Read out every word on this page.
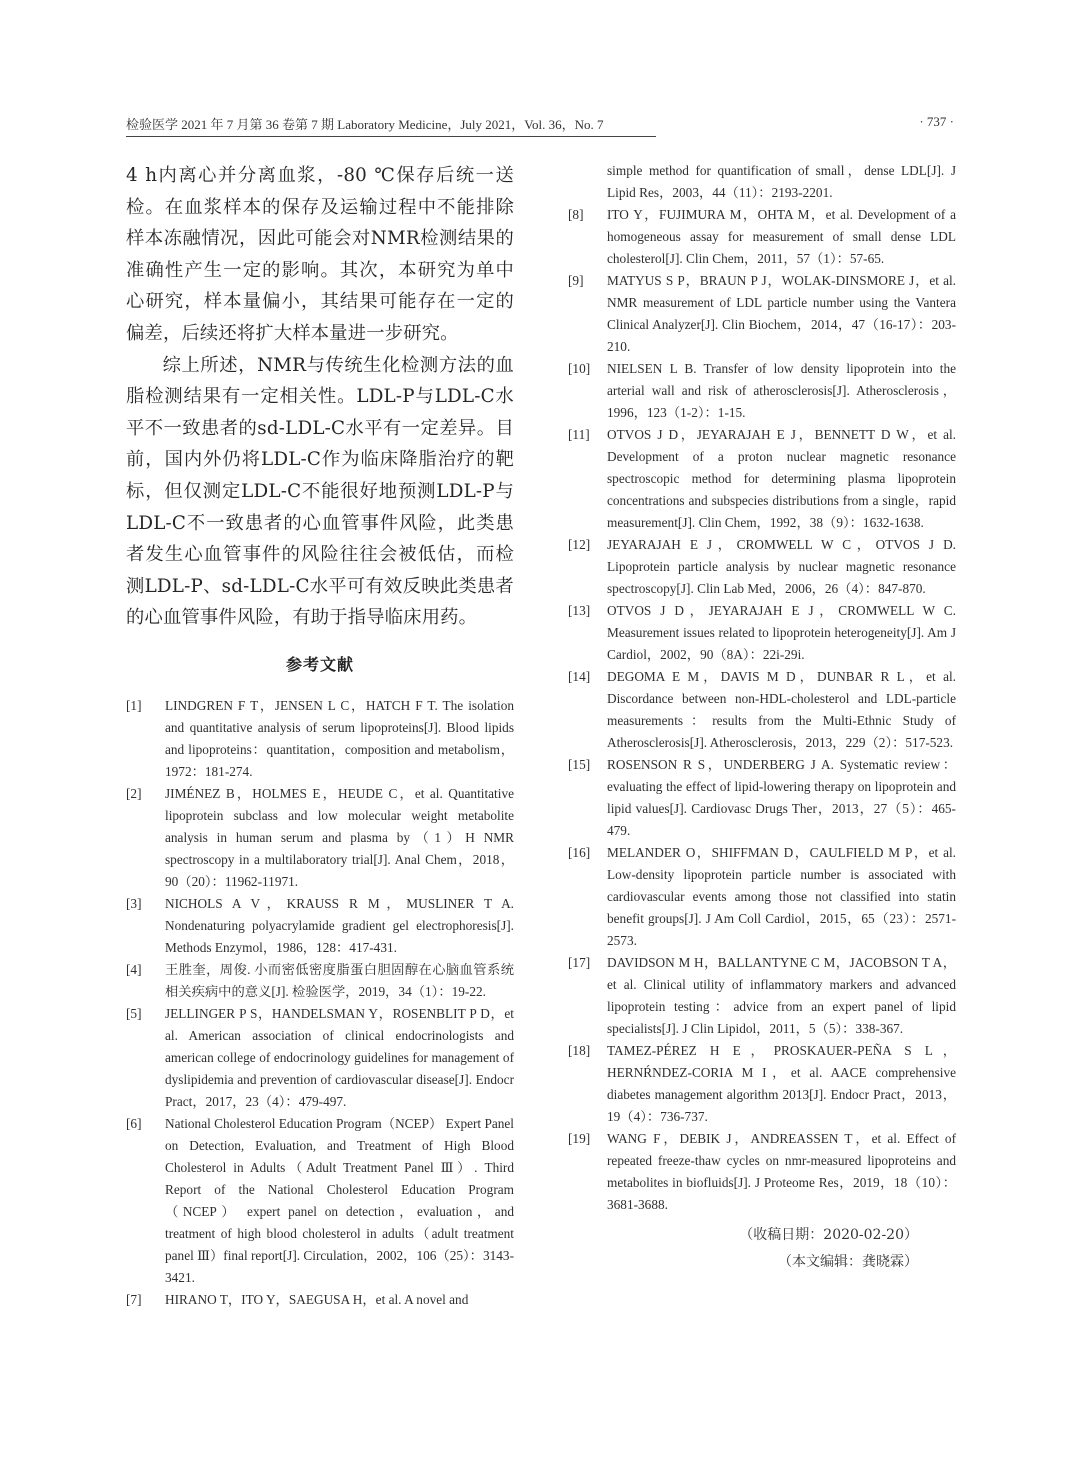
检验医学 2021 年 7 月第 36 卷第 7 期 Laboratory Medicine，July 2021，Vol. 36，No. 7	· 737 ·

4 h内离心并分离血浆，-80 ℃保存后统一送检。在血浆样本的保存及运输过程中不能排除样本冻融情况，因此可能会对NMR检测结果的准确性产生一定的影响。其次，本研究为单中心研究，样本量偏小，其结果可能存在一定的偏差，后续还将扩大样本量进一步研究。

综上所述，NMR与传统生化检测方法的血脂检测结果有一定相关性。LDL-P与LDL-C水平不一致患者的sd-LDL-C水平有一定差异。目前，国内外仍将LDL-C作为临床降脂治疗的靶标，但仅测定LDL-C不能很好地预测LDL-P与LDL-C不一致患者的心血管事件风险，此类患者发生心血管事件的风险往往会被低估，而检测LDL-P、sd-LDL-C水平可有效反映此类患者的心血管事件风险，有助于指导临床用药。

参考文献
[1]	LINDGREN F T，JENSEN L C，HATCH F T. The isolation and quantitative analysis of serum lipoproteins[J]. Blood lipids and lipoproteins：quantitation，composition and metabolism，1972：181-274.
[2]	JIMÉNEZ B，HOLMES E，HEUDE C，et al. Quantitative lipoprotein subclass and low molecular weight metabolite analysis in human serum and plasma by（1）H NMR spectroscopy in a multilaboratory trial[J]. Anal Chem，2018，90（20）：11962-11971.
[3]	NICHOLS A V，KRAUSS R M，MUSLINER T A. Nondenaturing polyacrylamide gradient gel electrophoresis[J]. Methods Enzymol，1986，128：417-431.
[4]	王胜奎，周俊. 小而密低密度脂蛋白胆固醇在心脑血管系统相关疾病中的意义[J]. 检验医学，2019，34（1）：19-22.
[5]	JELLINGER P S，HANDELSMAN Y，ROSENBLIT P D，et al. American association of clinical endocrinologists and american college of endocrinology guidelines for management of dyslipidemia and prevention of cardiovascular disease[J]. Endocr Pract，2017，23（4）：479-497.
[6]	National Cholesterol Education Program（NCEP） Expert Panel on Detection, Evaluation, and Treatment of High Blood Cholesterol in Adults（Adult Treatment Panel Ⅲ）. Third Report of the National Cholesterol Education Program（NCEP） expert panel on detection，evaluation，and treatment of high blood cholesterol in adults（adult treatment panel Ⅲ）final report[J]. Circulation，2002，106（25）：3143-3421.
[7]	HIRANO T，ITO Y，SAEGUSA H，et al. A novel and

simple method for quantification of small，dense LDL[J]. J Lipid Res，2003，44（11）：2193-2201.

[8]	ITO Y，FUJIMURA M，OHTA M，et al. Development of a homogeneous assay for measurement of small dense LDL cholesterol[J]. Clin Chem，2011，57（1）：57-65.
[9]	MATYUS S P，BRAUN P J，WOLAK-DINSMORE J，et al. NMR measurement of LDL particle number using the Vantera Clinical Analyzer[J]. Clin Biochem，2014，47（16-17）：203-210.
[10]	NIELSEN L B. Transfer of low density lipoprotein into the arterial wall and risk of atherosclerosis[J]. Atherosclerosis，1996，123（1-2）：1-15.
[11]	OTVOS J D，JEYARAJAH E J，BENNETT D W，et al. Development of a proton nuclear magnetic resonance spectroscopic method for determining plasma lipoprotein concentrations and subspecies distributions from a single，rapid measurement[J]. Clin Chem，1992，38（9）：1632-1638.
[12]	JEYARAJAH E J，CROMWELL W C，OTVOS J D. Lipoprotein particle analysis by nuclear magnetic resonance spectroscopy[J]. Clin Lab Med，2006，26（4）：847-870.
[13]	OTVOS J D，JEYARAJAH E J，CROMWELL W C. Measurement issues related to lipoprotein heterogeneity[J]. Am J Cardiol，2002，90（8A）：22i-29i.
[14]	DEGOMA E M，DAVIS M D，DUNBAR R L，et al. Discordance between non-HDL-cholesterol and LDL-particle measurements：results from the Multi-Ethnic Study of Atherosclerosis[J]. Atherosclerosis，2013，229（2）：517-523.
[15]	ROSENSON R S，UNDERBERG J A. Systematic review：evaluating the effect of lipid-lowering therapy on lipoprotein and lipid values[J]. Cardiovasc Drugs Ther，2013，27（5）：465-479.
[16]	MELANDER O，SHIFFMAN D，CAULFIELD M P，et al. Low-density lipoprotein particle number is associated with cardiovascular events among those not classified into statin benefit groups[J]. J Am Coll Cardiol，2015，65（23）：2571-2573.
[17]	DAVIDSON M H，BALLANTYNE C M，JACOBSON T A，et al. Clinical utility of inflammatory markers and advanced lipoprotein testing：advice from an expert panel of lipid specialists[J]. J Clin Lipidol，2011，5（5）：338-367.
[18]	TAMEZ-PÉREZ H E，PROSKAUER-PEÑA S L，HERNŔNDEZ-CORIA M I，et al. AACE comprehensive diabetes management algorithm 2013[J]. Endocr Pract，2013，19（4）：736-737.
[19]	WANG F，DEBIK J，ANDREASSEN T，et al. Effect of repeated freeze-thaw cycles on nmr-measured lipoproteins and metabolites in biofluids[J]. J Proteome Res，2019，18（10）：3681-3688.
（收稿日期：2020-02-20）
（本文编辑：龚晓霖）
